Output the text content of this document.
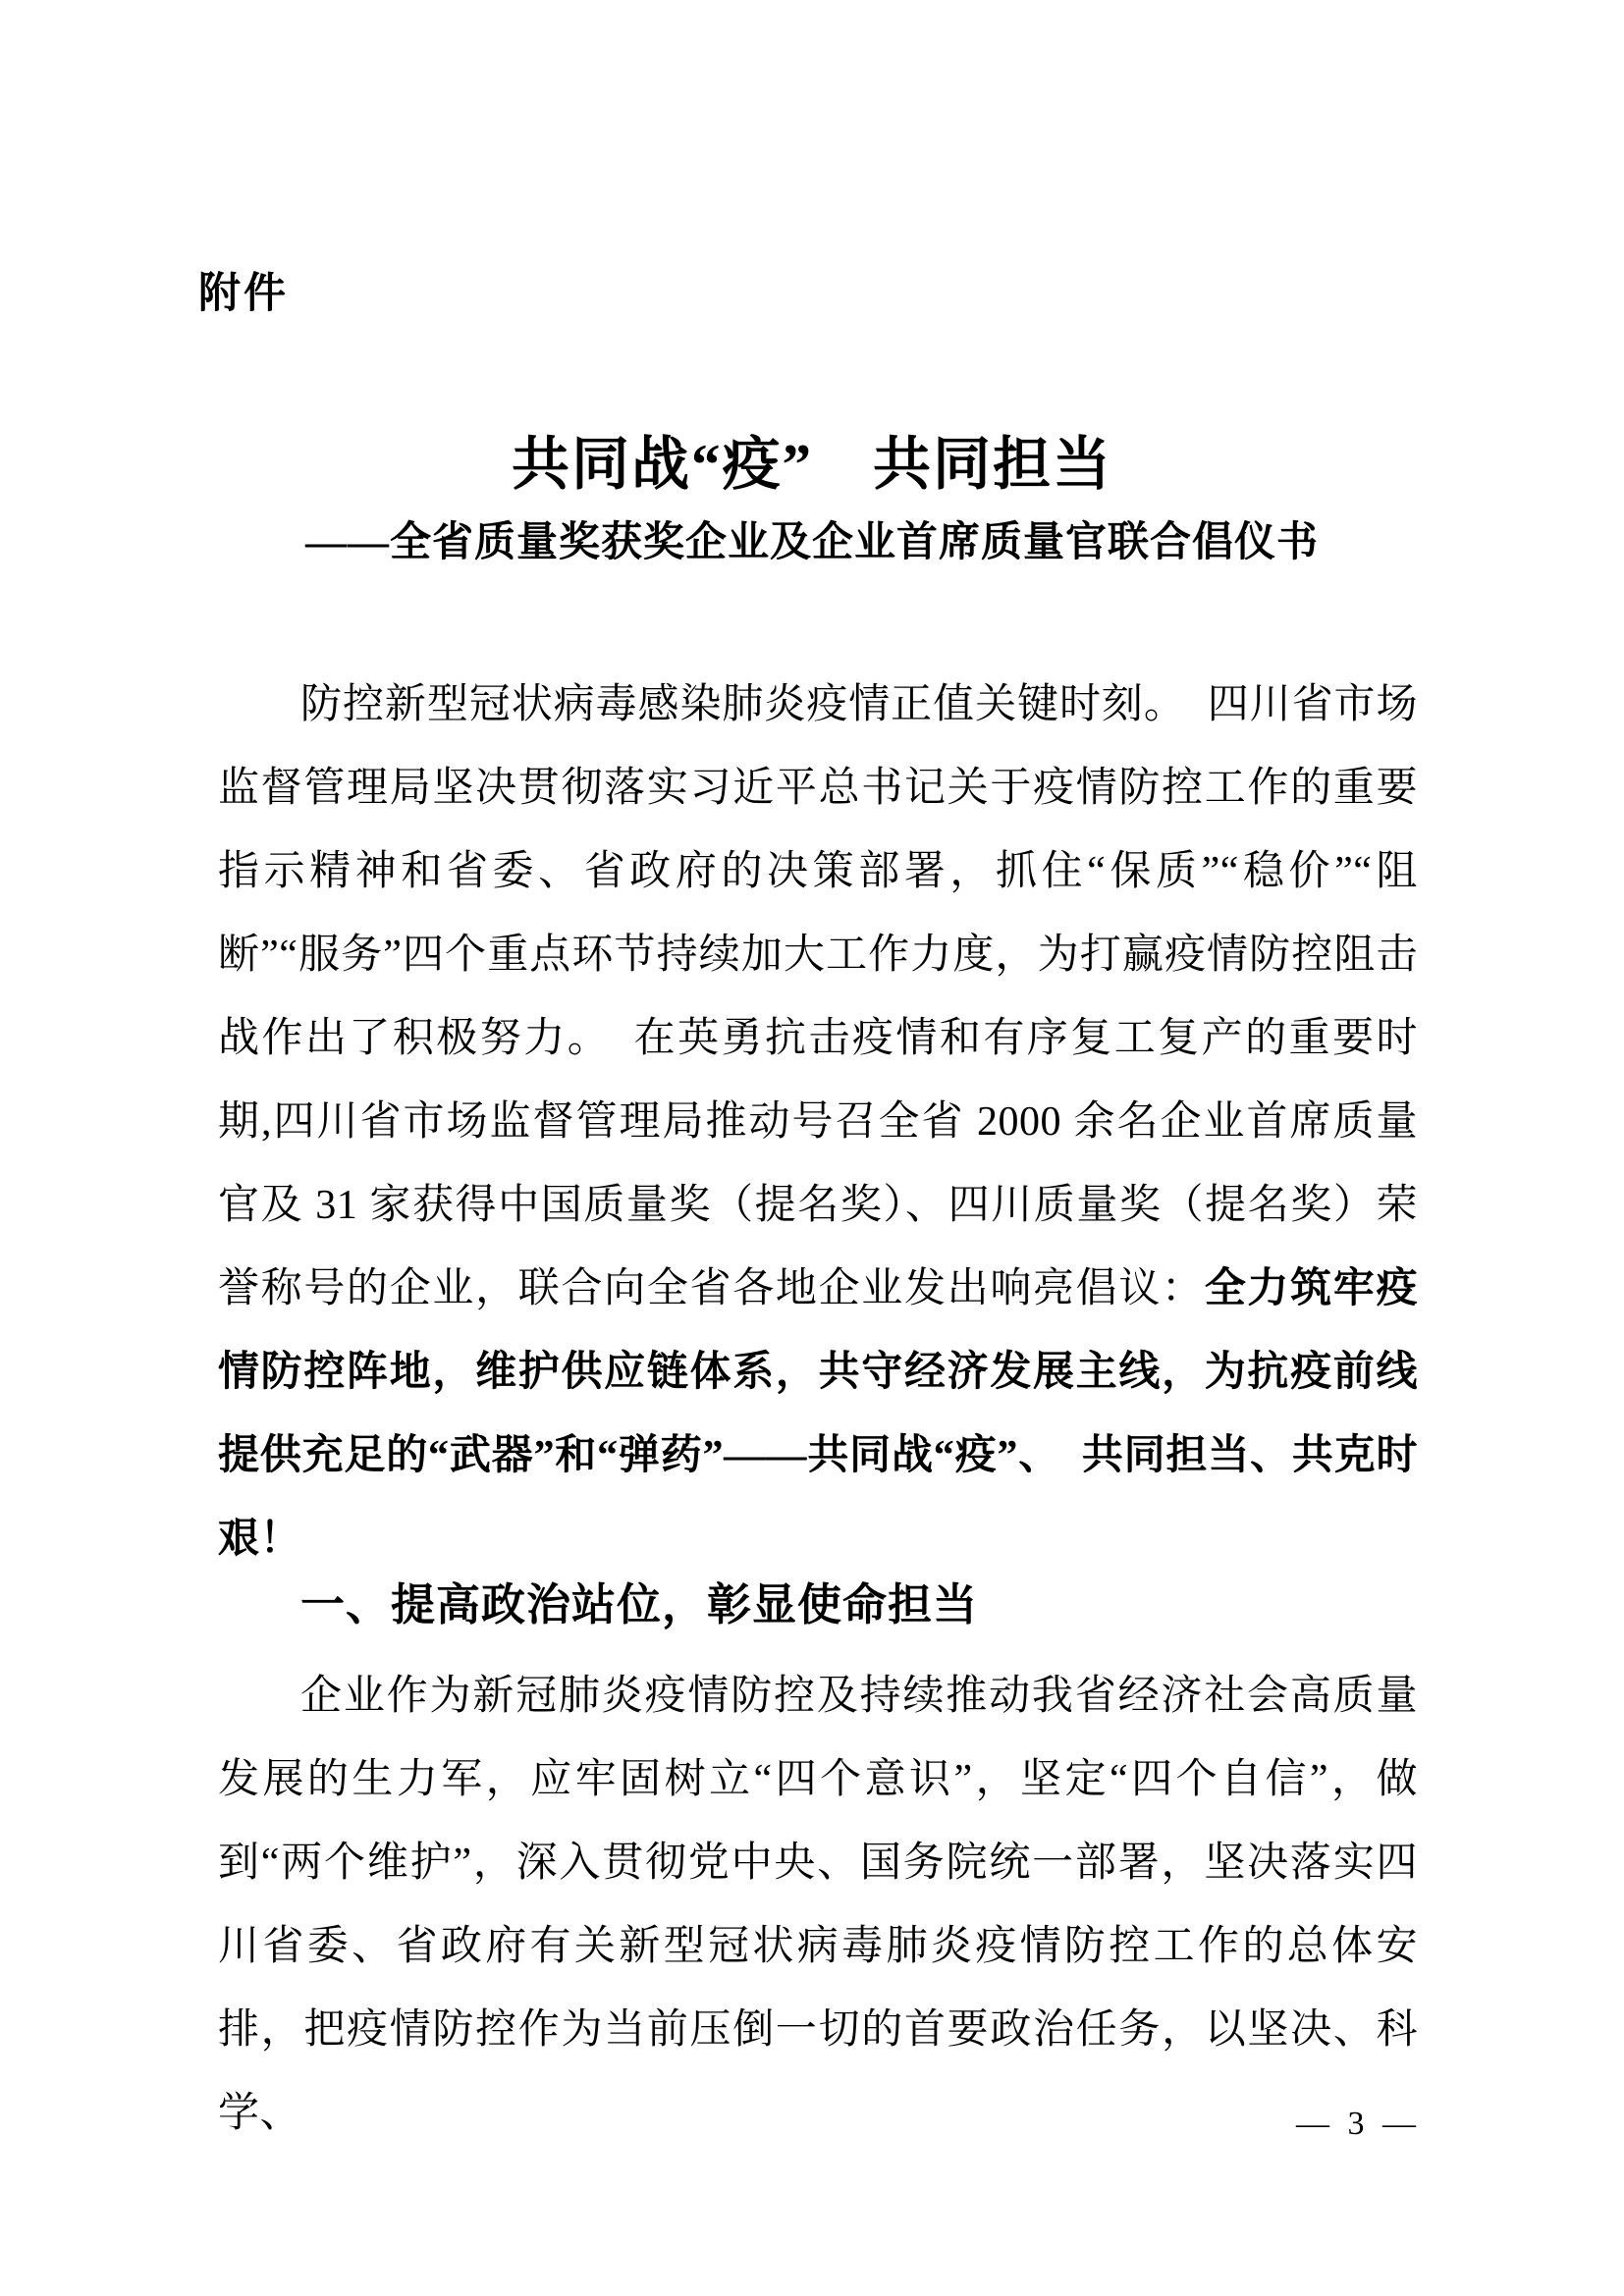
附件
共同战“疫”　共同担当
——全省质量奖获奖企业及企业首席质量官联合倡仪书

防控新型冠状病毒感染肺炎疫情正值关键时刻。　四川省市场监督管理局坚决贯彻落实习近平总书记关于疫情防控工作的重要指示精神和省委、省政府的决策部署，抓住“保质”“稳价”“阻断”“服务”四个重点环节持续加大工作力度，为打赢疫情防控阻击战作出了积极努力。　在英勇抗击疫情和有序复工复产的重要时期,四川省市场监督管理局推动号召全省 2000 余名企业首席质量官及 31 家获得中国质量奖（提名奖）、四川质量奖（提名奖）荣誉称号的企业，联合向全省各地企业发出响亮倡议：全力筑牢疫情防控阵地，维护供应链体系，共守经济发展主线，为抗疫前线提供充足的“武器”和“弹药”——共同战“疫”、　共同担当、共克时艰！

一、提高政治站位，彰显使命担当

企业作为新冠肺炎疫情防控及持续推动我省经济社会高质量发展的生力军，应牢固树立“四个意识”，坚定“四个自信”，做到“两个维护”，深入贯彻党中央、国务院统一部署，坚决落实四川省委、省政府有关新型冠状病毒肺炎疫情防控工作的总体安排，把疫情防控作为当前压倒一切的首要政治任务，以坚决、科学、	— 3 —
